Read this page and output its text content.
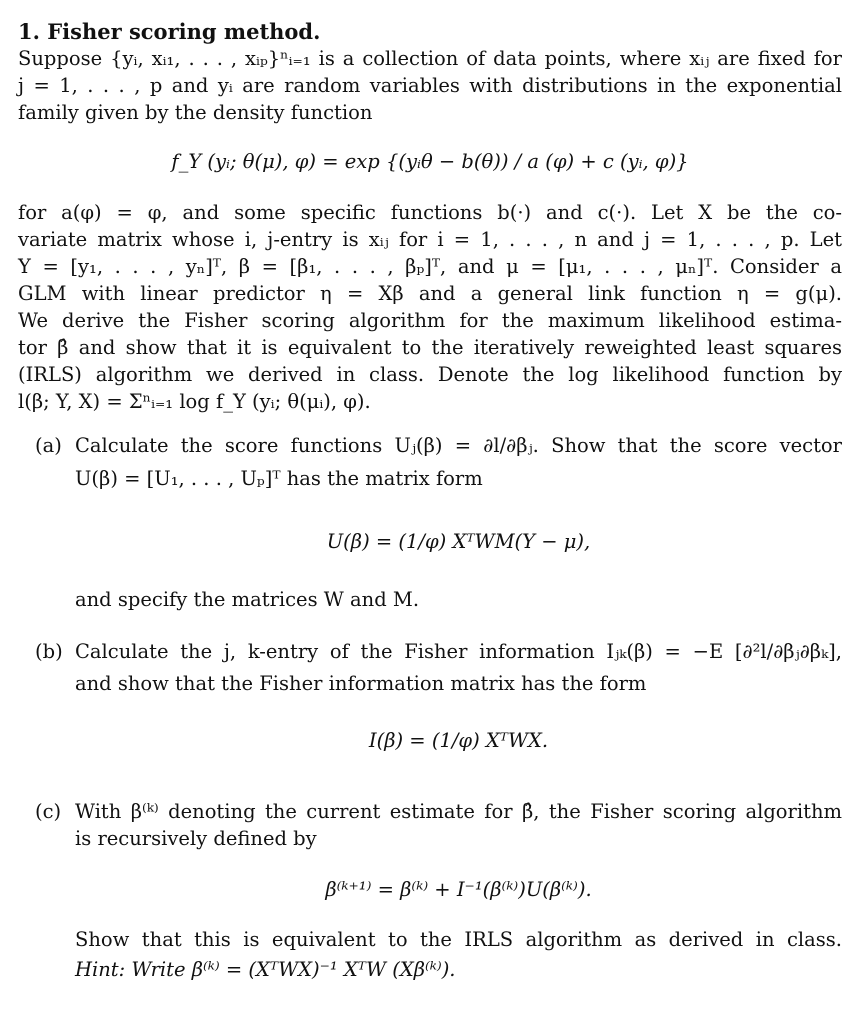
1. Fisher scoring method.

Suppose {yᵢ, xᵢ₁, . . . , xᵢₚ}ⁿᵢ₌₁ is a collection of data points, where xᵢⱼ are fixed for

j = 1, . . . , p and yᵢ are random variables with distributions in the exponential

family given by the density function

f_Y (yᵢ; θ(μ), φ) = exp {(yᵢθ − b(θ)) / a (φ) + c (yᵢ, φ)}

for a(φ) = φ, and some specific functions b(·) and c(·). Let X be the co-

variate matrix whose i, j-entry is xᵢⱼ for i = 1, . . . , n and j = 1, . . . , p. Let

Y = [y₁, . . . , yₙ]ᵀ, β = [β₁, . . . , βₚ]ᵀ, and μ = [μ₁, . . . , μₙ]ᵀ. Consider a

GLM with linear predictor η = Xβ and a general link function η = g(μ).

We derive the Fisher scoring algorithm for the maximum likelihood estima-

tor β̂ and show that it is equivalent to the iteratively reweighted least squares

(IRLS) algorithm we derived in class. Denote the log likelihood function by

l(β; Y, X) = Σⁿᵢ₌₁ log f_Y (yᵢ; θ(μᵢ), φ).

(a) Calculate the score functions Uⱼ(β) = ∂l/∂βⱼ. Show that the score vector

U(β) = [U₁, . . . , Uₚ]ᵀ has the matrix form

U(β) = (1/φ) XᵀWM(Y − μ),

and specify the matrices W and M.

(b) Calculate the j, k-entry of the Fisher information Iⱼₖ(β) = −E [∂²l/∂βⱼ∂βₖ],

and show that the Fisher information matrix has the form

I(β) = (1/φ) XᵀWX.
(c) With β⁽ᵏ⁾ denoting the current estimate for β̂, the Fisher scoring algorithm

is recursively defined by

β⁽ᵏ⁺¹⁾ = β⁽ᵏ⁾ + I⁻¹(β⁽ᵏ⁾)U(β⁽ᵏ⁾).

Show that this is equivalent to the IRLS algorithm as derived in class.

Hint: Write β⁽ᵏ⁾ = (XᵀWX)⁻¹ XᵀW (Xβ⁽ᵏ⁾).
